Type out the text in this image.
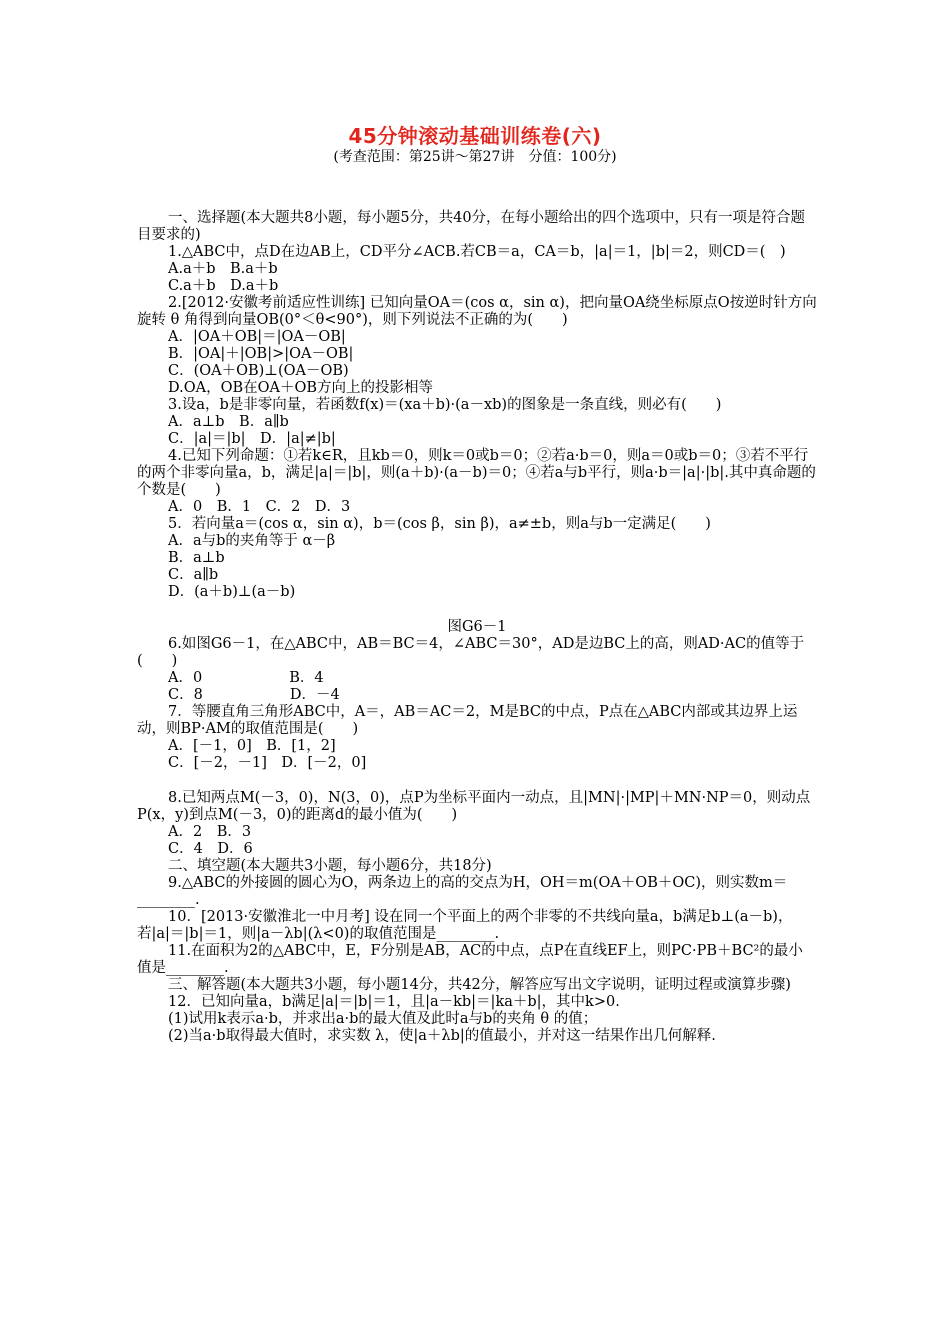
45分钟滚动基础训练卷(六)
(考查范围：第25讲～第27讲　分值：100分)

一、选择题(本大题共8小题，每小题5分，共40分，在每小题给出的四个选项中，只有一项是符合题目要求的)

1.△ABC中，点D在边AB上，CD平分∠ACB.若CB＝a，CA＝b，|a|＝1，|b|＝2，则CD＝(　)

A.a＋b　B.a＋b

C.a＋b　D.a＋b

2.[2012·安徽考前适应性训练] 已知向量OA＝(cos α，sin α)，把向量OA绕坐标原点O按逆时针方向旋转 θ 角得到向量OB(0°＜θ<90°)，则下列说法不正确的为(　　)

A．|OA＋OB|＝|OA－OB|

B．|OA|＋|OB|>|OA－OB|

C．(OA＋OB)⊥(OA－OB)

D.OA，OB在OA＋OB方向上的投影相等

3.设a，b是非零向量，若函数f(x)＝(xa＋b)·(a－xb)的图象是一条直线，则必有(　　)

A．a⊥b　B．a∥b

C．|a|＝|b|　D．|a|≠|b|

4.已知下列命题：①若k∈R，且kb＝0，则k＝0或b＝0；②若a·b＝0，则a＝0或b＝0；③若不平行的两个非零向量a，b，满足|a|＝|b|，则(a＋b)·(a－b)＝0；④若a与b平行，则a·b＝|a|·|b|.其中真命题的个数是(　　)

A．0　B．1　C．2　D．3

5．若向量a＝(cos α，sin α)，b＝(cos β，sin β)，a≠±b，则a与b一定满足(　　)

A．a与b的夹角等于 α－β

B．a⊥b

C．a∥b

D．(a＋b)⊥(a－b)

图G6－1

6.如图G6－1，在△ABC中，AB＝BC＝4，∠ABC＝30°，AD是边BC上的高，则AD·AC的值等于(　　)

A．0　　　　　　B．4

C．8　　　　　　D．－4

7．等腰直角三角形ABC中，A＝，AB＝AC＝2，M是BC的中点，P点在△ABC内部或其边界上运动，则BP·AM的取值范围是(　　)

A．[－1，0]　B．[1，2]

C．[－2，－1]　D．[－2，0]

8.已知两点M(－3，0)，N(3，0)，点P为坐标平面内一动点，且|MN|·|MP|＋MN·NP＝0，则动点P(x，y)到点M(－3，0)的距离d的最小值为(　　)

A．2　B．3

C．4　D．6

二、填空题(本大题共3小题，每小题6分，共18分)

9.△ABC的外接圆的圆心为O，两条边上的高的交点为H，OH＝m(OA＋OB＋OC)，则实数m＝________.

10．[2013·安徽淮北一中月考] 设在同一个平面上的两个非零的不共线向量a，b满足b⊥(a－b)，若|a|＝|b|＝1，则|a－λb|(λ<0)的取值范围是________.

11.在面积为2的△ABC中，E，F分别是AB，AC的中点，点P在直线EF上，则PC·PB＋BC²的最小值是________.

三、解答题(本大题共3小题，每小题14分，共42分，解答应写出文字说明，证明过程或演算步骤)

12．已知向量a，b满足|a|＝|b|＝1，且|a－kb|＝|ka＋b|，其中k>0.

(1)试用k表示a·b，并求出a·b的最大值及此时a与b的夹角 θ 的值；

(2)当a·b取得最大值时，求实数 λ，使|a＋λb|的值最小，并对这一结果作出几何解释.
